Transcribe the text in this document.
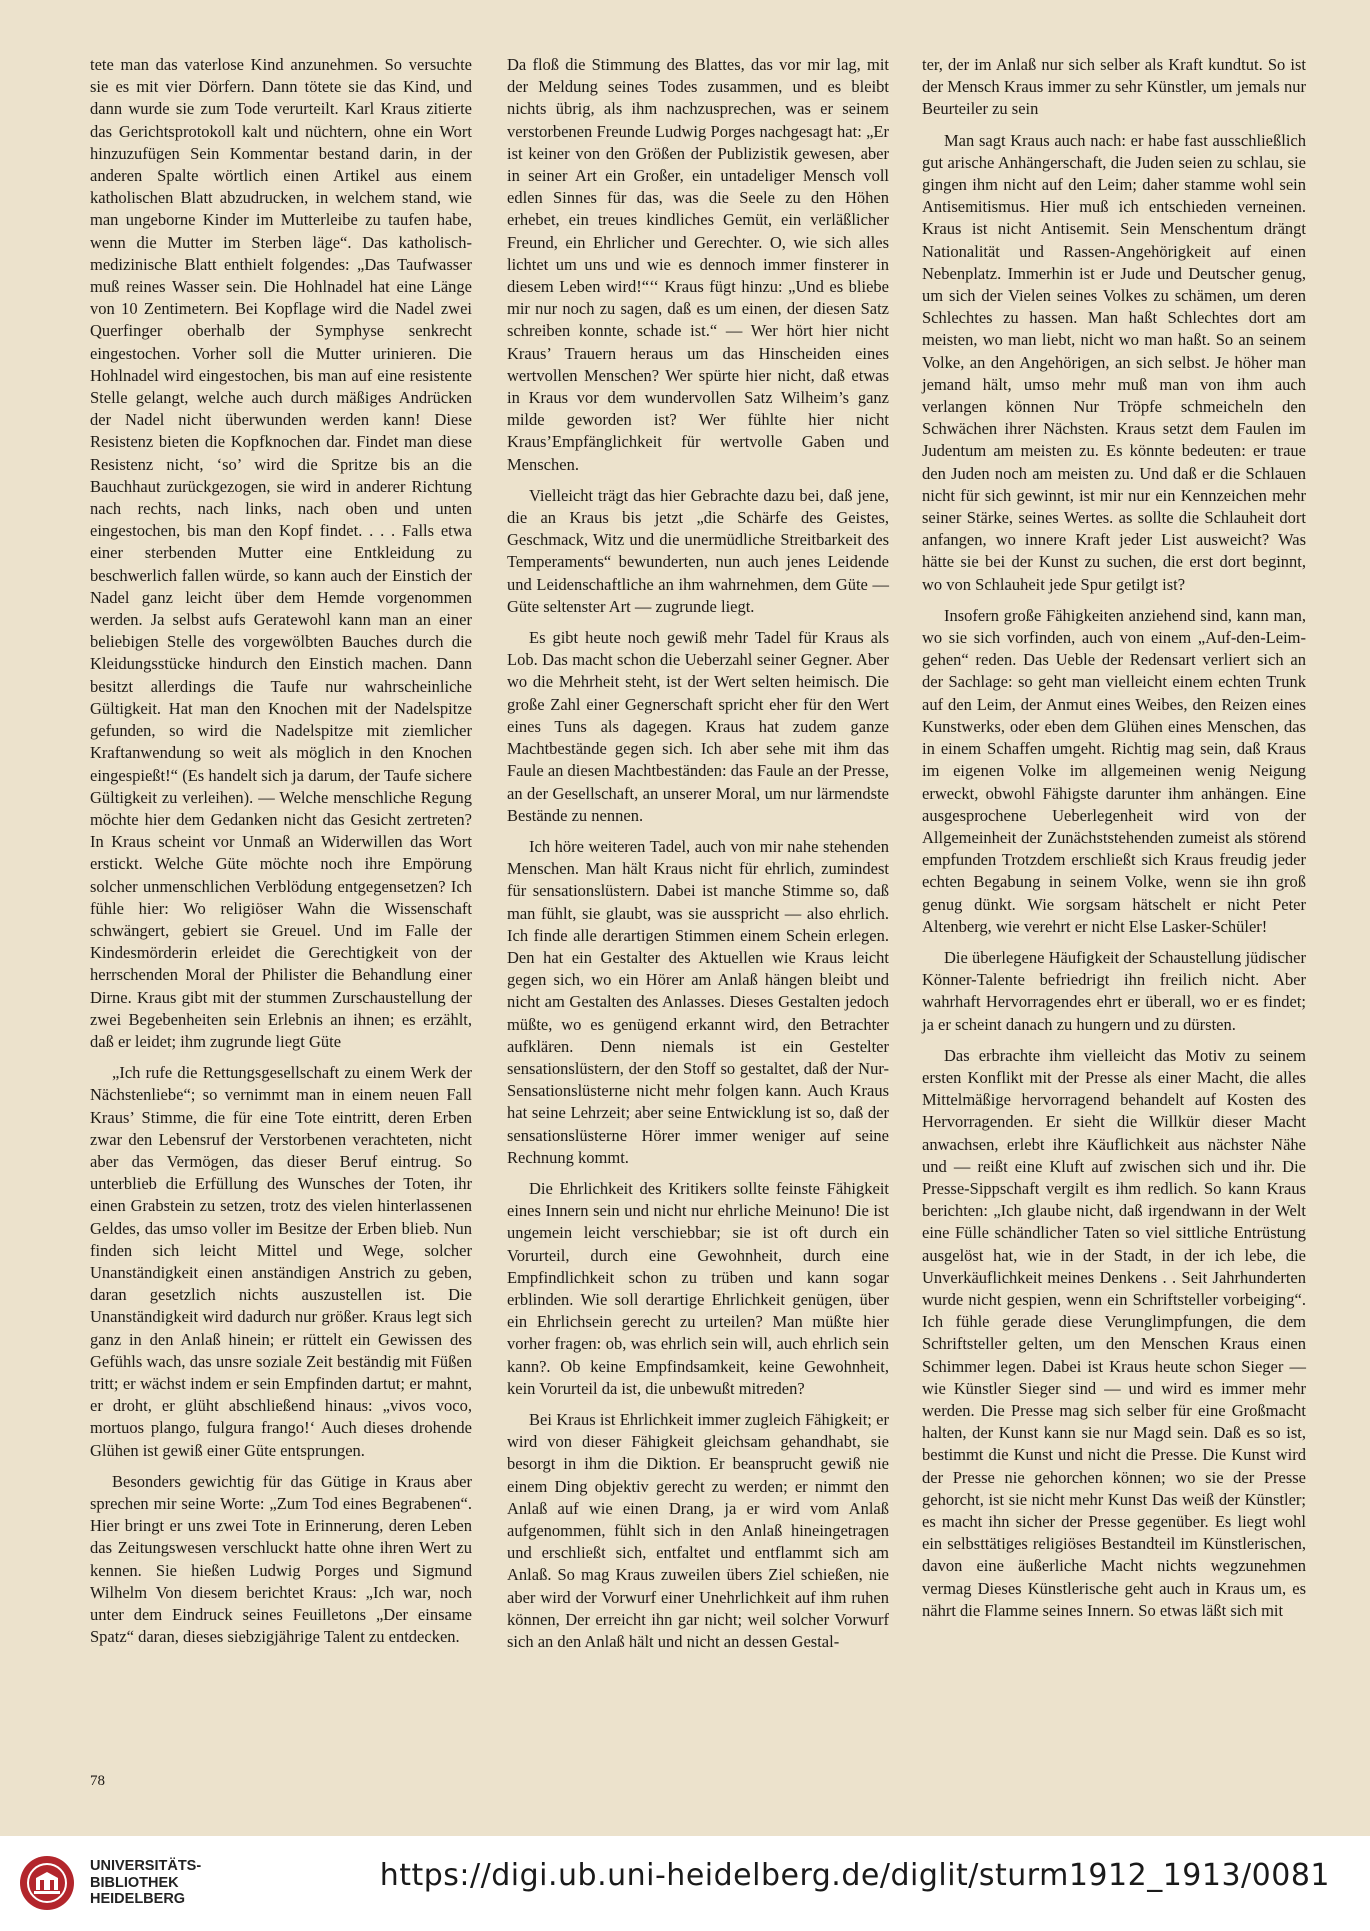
tete man das vaterlose Kind anzunehmen. So versuchte sie es mit vier Dörfern. Dann tötete sie das Kind, und dann wurde sie zum Tode verurteilt. Karl Kraus zitierte das Gerichtsprotokoll kalt und nüchtern, ohne ein Wort hinzuzufügen Sein Kommentar bestand darin, in der anderen Spalte wörtlich einen Artikel aus einem katholischen Blatt abzudrucken, in welchem stand, wie man ungeborne Kinder im Mutterleibe zu taufen habe, wenn die Mutter im Sterben läge“. Das katholisch-medizinische Blatt enthielt folgendes: „Das Taufwasser muß reines Wasser sein. Die Hohlnadel hat eine Länge von 10 Zentimetern. Bei Kopflage wird die Nadel zwei Querfinger oberhalb der Symphyse senkrecht eingestochen. Vorher soll die Mutter urinieren. Die Hohlnadel wird eingestochen, bis man auf eine resistente Stelle gelangt, welche auch durch mäßiges Andrücken der Nadel nicht überwunden werden kann! Diese Resistenz bieten die Kopfknochen dar. Findet man diese Resistenz nicht, ‘so’ wird die Spritze bis an die Bauchhaut zurückgezogen, sie wird in anderer Richtung nach rechts, nach links, nach oben und unten eingestochen, bis man den Kopf findet. . . . Falls etwa einer sterbenden Mutter eine Entkleidung zu beschwerlich fallen würde, so kann auch der Einstich der Nadel ganz leicht über dem Hemde vorgenommen werden. Ja selbst aufs Geratewohl kann man an einer beliebigen Stelle des vorgewölbten Bauches durch die Kleidungsstücke hindurch den Einstich machen. Dann besitzt allerdings die Taufe nur wahrscheinliche Gültigkeit. Hat man den Knochen mit der Nadelspitze gefunden, so wird die Nadelspitze mit ziemlicher Kraftanwendung so weit als möglich in den Knochen eingespießt!“ (Es handelt sich ja darum, der Taufe sichere Gültigkeit zu verleihen). — Welche menschliche Regung möchte hier dem Gedanken nicht das Gesicht zertreten? In Kraus scheint vor Unmaß an Widerwillen das Wort erstickt. Welche Güte möchte noch ihre Empörung solcher unmenschlichen Verblödung entgegensetzen? Ich fühle hier: Wo religiöser Wahn die Wissenschaft schwängert, gebiert sie Greuel. Und im Falle der Kindesmörderin erleidet die Gerechtigkeit von der herrschenden Moral der Philister die Behandlung einer Dirne. Kraus gibt mit der stummen Zurschaustellung der zwei Begebenheiten sein Erlebnis an ihnen; es erzählt, daß er leidet; ihm zugrunde liegt Güte

„Ich rufe die Rettungsgesellschaft zu einem Werk der Nächstenliebe“; so vernimmt man in einem neuen Fall Kraus’ Stimme, die für eine Tote eintritt, deren Erben zwar den Lebensruf der Verstorbenen verachteten, nicht aber das Vermögen, das dieser Beruf eintrug. So unterblieb die Erfüllung des Wunsches der Toten, ihr einen Grabstein zu setzen, trotz des vielen hinterlassenen Geldes, das umso voller im Besitze der Erben blieb. Nun finden sich leicht Mittel und Wege, solcher Unanständigkeit einen anständigen Anstrich zu geben, daran gesetzlich nichts auszustellen ist. Die Unanständigkeit wird dadurch nur größer. Kraus legt sich ganz in den Anlaß hinein; er rüttelt ein Gewissen des Gefühls wach, das unsre soziale Zeit beständig mit Füßen tritt; er wächst indem er sein Empfinden dartut; er mahnt, er droht, er glüht abschließend hinaus: „vivos voco, mortuos plango, fulgura frango!‘ Auch dieses drohende Glühen ist gewiß einer Güte entsprungen.

Besonders gewichtig für das Gütige in Kraus aber sprechen mir seine Worte: „Zum Tod eines Begrabenen“. Hier bringt er uns zwei Tote in Erinnerung, deren Leben das Zeitungswesen verschluckt hatte ohne ihren Wert zu kennen. Sie hießen Ludwig Porges und Sigmund Wilhelm Von diesem berichtet Kraus: „Ich war, noch unter dem Eindruck seines Feuilletons „Der einsame Spatz“ daran, dieses siebzigjährige Talent zu entdecken.

Da floß die Stimmung des Blattes, das vor mir lag, mit der Meldung seines Todes zusammen, und es bleibt nichts übrig, als ihm nachzusprechen, was er seinem verstorbenen Freunde Ludwig Porges nachgesagt hat: „Er ist keiner von den Größen der Publizistik gewesen, aber in seiner Art ein Großer, ein untadeliger Mensch voll edlen Sinnes für das, was die Seele zu den Höhen erhebet, ein treues kindliches Gemüt, ein verläßlicher Freund, ein Ehrlicher und Gerechter. O, wie sich alles lichtet um uns und wie es dennoch immer finsterer in diesem Leben wird!“‘‘ Kraus fügt hinzu: „Und es bliebe mir nur noch zu sagen, daß es um einen, der diesen Satz schreiben konnte, schade ist.“ — Wer hört hier nicht Kraus’ Trauern heraus um das Hinscheiden eines wertvollen Menschen? Wer spürte hier nicht, daß etwas in Kraus vor dem wundervollen Satz Wilheim’s ganz milde geworden ist? Wer fühlte hier nicht Kraus’Empfänglichkeit für wertvolle Gaben und Menschen.

Vielleicht trägt das hier Gebrachte dazu bei, daß jene, die an Kraus bis jetzt „die Schärfe des Geistes, Geschmack, Witz und die unermüdliche Streitbarkeit des Temperaments“ bewunderten, nun auch jenes Leidende und Leidenschaftliche an ihm wahrnehmen, dem Güte — Güte seltenster Art — zugrunde liegt.

Es gibt heute noch gewiß mehr Tadel für Kraus als Lob. Das macht schon die Ueberzahl seiner Gegner. Aber wo die Mehrheit steht, ist der Wert selten heimisch. Die große Zahl einer Gegnerschaft spricht eher für den Wert eines Tuns als dagegen. Kraus hat zudem ganze Machtbestände gegen sich. Ich aber sehe mit ihm das Faule an diesen Machtbeständen: das Faule an der Presse, an der Gesellschaft, an unserer Moral, um nur lärmendste Bestände zu nennen.

Ich höre weiteren Tadel, auch von mir nahe stehenden Menschen. Man hält Kraus nicht für ehrlich, zumindest für sensationslüstern. Dabei ist manche Stimme so, daß man fühlt, sie glaubt, was sie ausspricht — also ehrlich. Ich finde alle derartigen Stimmen einem Schein erlegen. Den hat ein Gestalter des Aktuellen wie Kraus leicht gegen sich, wo ein Hörer am Anlaß hängen bleibt und nicht am Gestalten des Anlasses. Dieses Gestalten jedoch müßte, wo es genügend erkannt wird, den Betrachter aufklären. Denn niemals ist ein Gestelter sensationslüstern, der den Stoff so gestaltet, daß der Nur-Sensationslüsterne nicht mehr folgen kann. Auch Kraus hat seine Lehrzeit; aber seine Entwicklung ist so, daß der sensationslüsterne Hörer immer weniger auf seine Rechnung kommt.

Die Ehrlichkeit des Kritikers sollte feinste Fähigkeit eines Innern sein und nicht nur ehrliche Meinuno! Die ist ungemein leicht verschiebbar; sie ist oft durch ein Vorurteil, durch eine Gewohnheit, durch eine Empfindlichkeit schon zu trüben und kann sogar erblinden. Wie soll derartige Ehrlichkeit genügen, über ein Ehrlichsein gerecht zu urteilen? Man müßte hier vorher fragen: ob, was ehrlich sein will, auch ehrlich sein kann?. Ob keine Empfindsamkeit, keine Gewohnheit, kein Vorurteil da ist, die unbewußt mitreden?

Bei Kraus ist Ehrlichkeit immer zugleich Fähigkeit; er wird von dieser Fähigkeit gleichsam gehandhabt, sie besorgt in ihm die Diktion. Er beansprucht gewiß nie einem Ding objektiv gerecht zu werden; er nimmt den Anlaß auf wie einen Drang, ja er wird vom Anlaß aufgenommen, fühlt sich in den Anlaß hineingetragen und erschließt sich, entfaltet und entflammt sich am Anlaß. So mag Kraus zuweilen übers Ziel schießen, nie aber wird der Vorwurf einer Unehrlichkeit auf ihm ruhen können, Der erreicht ihn gar nicht; weil solcher Vorwurf sich an den Anlaß hält und nicht an dessen Gestal-

ter, der im Anlaß nur sich selber als Kraft kundtut. So ist der Mensch Kraus immer zu sehr Künstler, um jemals nur Beurteiler zu sein

Man sagt Kraus auch nach: er habe fast ausschließlich gut arische Anhängerschaft, die Juden seien zu schlau, sie gingen ihm nicht auf den Leim; daher stamme wohl sein Antisemitismus. Hier muß ich entschieden verneinen. Kraus ist nicht Antisemit. Sein Menschentum drängt Nationalität und Rassen-Angehörigkeit auf einen Nebenplatz. Immerhin ist er Jude und Deutscher genug, um sich der Vielen seines Volkes zu schämen, um deren Schlechtes zu hassen. Man haßt Schlechtes dort am meisten, wo man liebt, nicht wo man haßt. So an seinem Volke, an den Angehörigen, an sich selbst. Je höher man jemand hält, umso mehr muß man von ihm auch verlangen können Nur Tröpfe schmeicheln den Schwächen ihrer Nächsten. Kraus setzt dem Faulen im Judentum am meisten zu. Es könnte bedeuten: er traue den Juden noch am meisten zu. Und daß er die Schlauen nicht für sich gewinnt, ist mir nur ein Kennzeichen mehr seiner Stärke, seines Wertes. as sollte die Schlauheit dort anfangen, wo innere Kraft jeder List ausweicht? Was hätte sie bei der Kunst zu suchen, die erst dort beginnt, wo von Schlauheit jede Spur getilgt ist?

Insofern große Fähigkeiten anziehend sind, kann man, wo sie sich vorfinden, auch von einem „Auf-den-Leim-gehen“ reden. Das Ueble der Redensart verliert sich an der Sachlage: so geht man vielleicht einem echten Trunk auf den Leim, der Anmut eines Weibes, den Reizen eines Kunstwerks, oder eben dem Glühen eines Menschen, das in einem Schaffen umgeht. Richtig mag sein, daß Kraus im eigenen Volke im allgemeinen wenig Neigung erweckt, obwohl Fähigste darunter ihm anhängen. Eine ausgesprochene Ueberlegenheit wird von der Allgemeinheit der Zunächststehenden zumeist als störend empfunden Trotzdem erschließt sich Kraus freudig jeder echten Begabung in seinem Volke, wenn sie ihn groß genug dünkt. Wie sorgsam hätschelt er nicht Peter Altenberg, wie verehrt er nicht Else Lasker-Schüler!

Die überlegene Häufigkeit der Schaustellung jüdischer Könner-Talente befriedrigt ihn freilich nicht. Aber wahrhaft Hervorragendes ehrt er überall, wo er es findet; ja er scheint danach zu hungern und zu dürsten.

Das erbrachte ihm vielleicht das Motiv zu seinem ersten Konflikt mit der Presse als einer Macht, die alles Mittelmäßige hervorragend behandelt auf Kosten des Hervorragenden. Er sieht die Willkür dieser Macht anwachsen, erlebt ihre Käuflichkeit aus nächster Nähe und — reißt eine Kluft auf zwischen sich und ihr. Die Presse-Sippschaft vergilt es ihm redlich. So kann Kraus berichten: „Ich glaube nicht, daß irgendwann in der Welt eine Fülle schändlicher Taten so viel sittliche Entrüstung ausgelöst hat, wie in der Stadt, in der ich lebe, die Unverkäuflichkeit meines Denkens . . Seit Jahrhunderten wurde nicht gespien, wenn ein Schriftsteller vorbeiging“. Ich fühle gerade diese Verunglimpfungen, die dem Schriftsteller gelten, um den Menschen Kraus einen Schimmer legen. Dabei ist Kraus heute schon Sieger — wie Künstler Sieger sind — und wird es immer mehr werden. Die Presse mag sich selber für eine Großmacht halten, der Kunst kann sie nur Magd sein. Daß es so ist, bestimmt die Kunst und nicht die Presse. Die Kunst wird der Presse nie gehorchen können; wo sie der Presse gehorcht, ist sie nicht mehr Kunst Das weiß der Künstler; es macht ihn sicher der Presse gegenüber. Es liegt wohl ein selbsttätiges religiöses Bestandteil im Künstlerischen, davon eine äußerliche Macht nichts wegzunehmen vermag Dieses Künstlerische geht auch in Kraus um, es nährt die Flamme seines Innern. So etwas läßt sich mit

78
UNIVERSITÄTS-
BIBLIOTHEK
HEIDELBERG
https://digi.ub.uni-heidelberg.de/diglit/sturm1912_1913/0081
